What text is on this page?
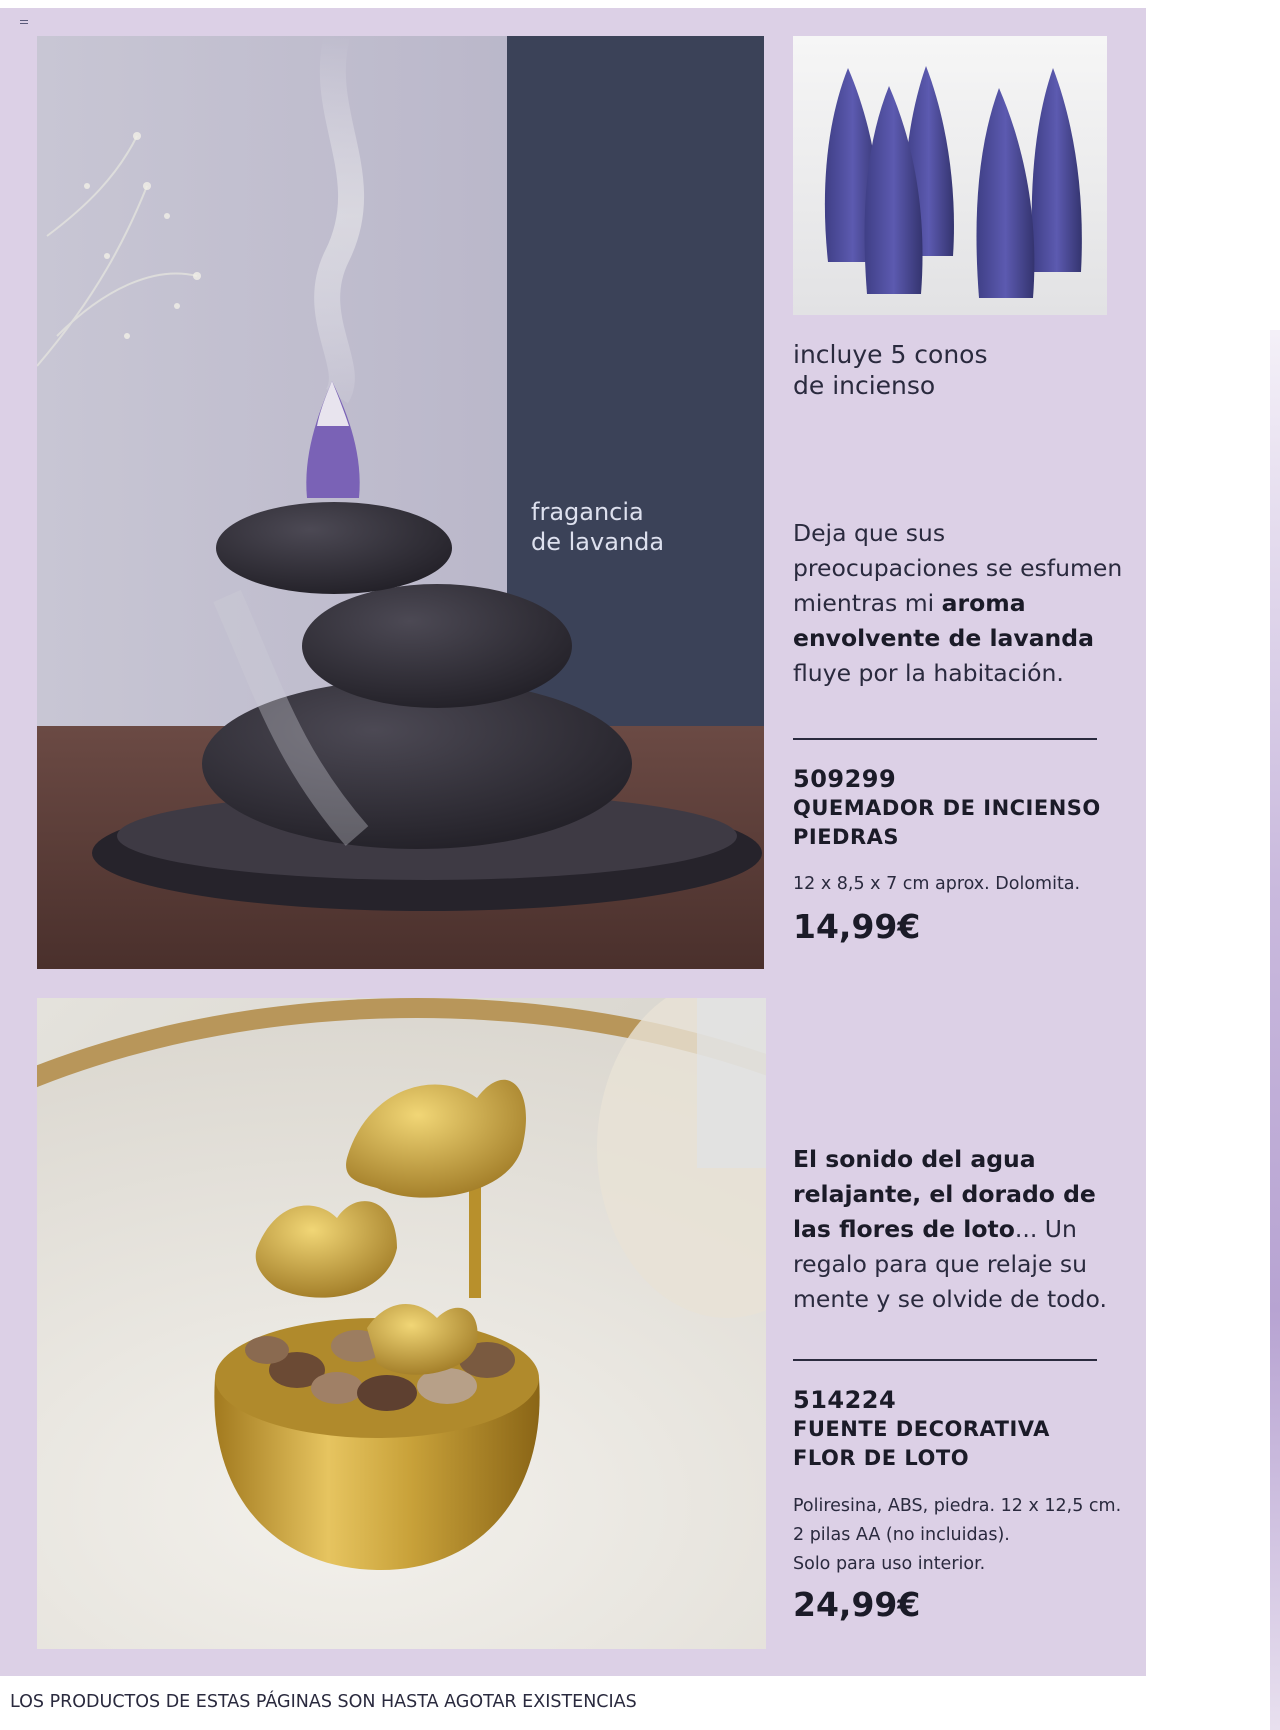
fragancia
de lavanda
incluye 5 conos
de incienso
Deja que sus preocupaciones se esfumen mientras mi aroma envolvente de lavanda fluye por la habitación.
509299
QUEMADOR DE INCIENSO
PIEDRAS
12 x 8,5 x 7 cm aprox. Dolomita.
14,99€
El sonido del agua relajante, el dorado de las flores de loto... Un regalo para que relaje su mente y se olvide de todo.
514224
FUENTE DECORATIVA
FLOR DE LOTO
Poliresina, ABS, piedra. 12 x 12,5 cm.
2 pilas AA (no incluidas).
Solo para uso interior.
24,99€
LOS PRODUCTOS DE ESTAS PÁGINAS SON HASTA AGOTAR EXISTENCIAS
